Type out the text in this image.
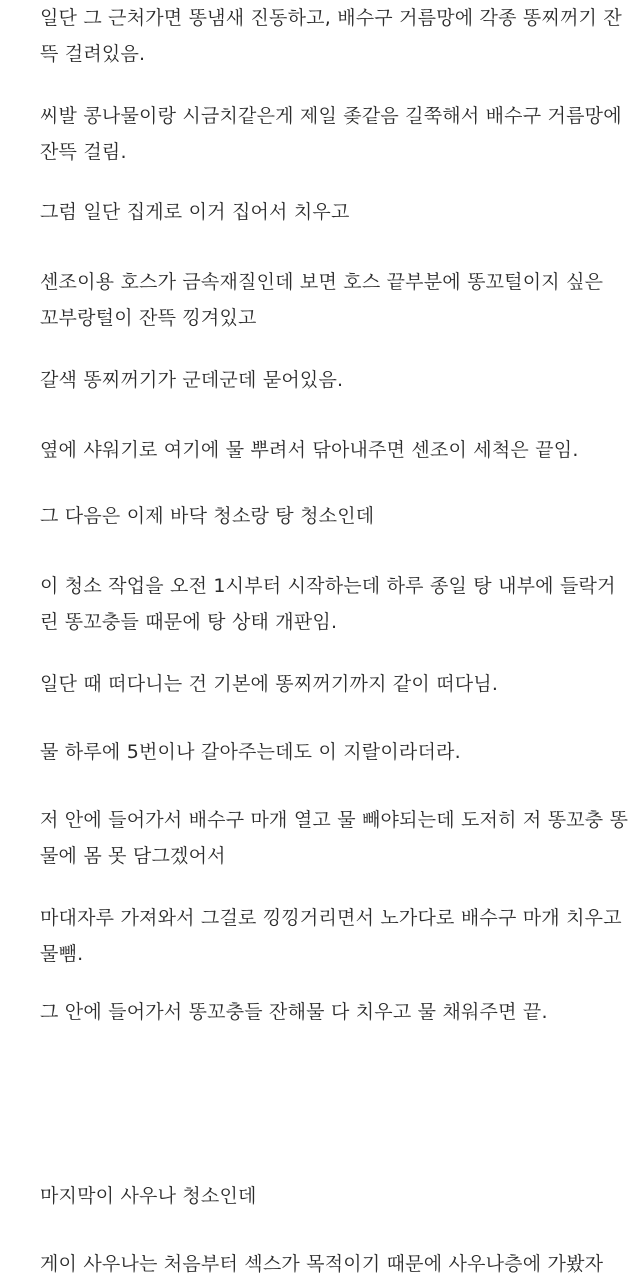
일단 그 근처가면 똥냄새 진동하고, 배수구 거름망에 각종 똥찌꺼기 잔
뜩 걸려있음.

씨발 콩나물이랑 시금치같은게 제일 좆같음 길쭉해서 배수구 거름망에
잔뜩 걸림.

그럼 일단 집게로 이거 집어서 치우고

센조이용 호스가 금속재질인데 보면 호스 끝부분에 똥꼬털이지 싶은
꼬부랑털이 잔뜩 낑겨있고

갈색 똥찌꺼기가 군데군데 묻어있음.

옆에 샤워기로 여기에 물 뿌려서 닦아내주면 센조이 세척은 끝임.

그 다음은 이제 바닥 청소랑 탕 청소인데

이 청소 작업을 오전 1시부터 시작하는데 하루 종일 탕 내부에 들락거
린 똥꼬충들 때문에 탕 상태 개판임.

일단 때 떠다니는 건 기본에 똥찌꺼기까지 같이 떠다님.

물 하루에 5번이나 갈아주는데도 이 지랄이라더라.

저 안에 들어가서 배수구 마개 열고 물 빼야되는데 도저히 저 똥꼬충 똥
물에 몸 못 담그겠어서

마대자루 가져와서 그걸로 낑낑거리면서 노가다로 배수구 마개 치우고
물뺌.

그 안에 들어가서 똥꼬충들 잔해물 다 치우고 물 채워주면 끝.

마지막이 사우나 청소인데

게이 사우나는 처음부터 섹스가 목적이기 때문에 사우나층에 가봤자
